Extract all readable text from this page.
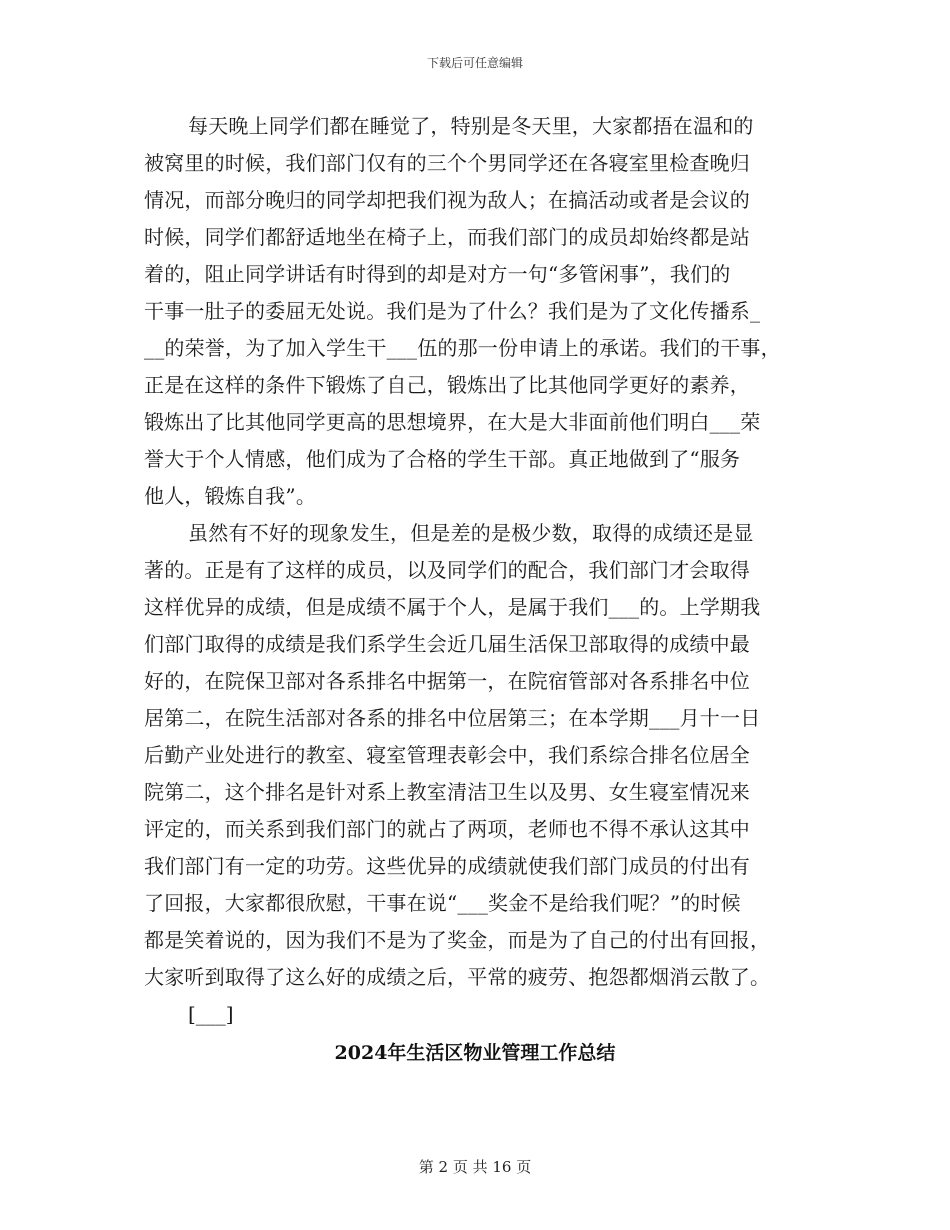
下载后可任意编辑
每天晚上同学们都在睡觉了，特别是冬天里，大家都捂在温和的
被窝里的时候，我们部门仅有的三个个男同学还在各寝室里检查晚归
情况，而部分晚归的同学却把我们视为敌人；在搞活动或者是会议的
时候，同学们都舒适地坐在椅子上，而我们部门的成员却始终都是站
着的，阻止同学讲话有时得到的却是对方一句“多管闲事”，我们的
干事一肚子的委屈无处说。我们是为了什么？我们是为了文化传播系_
__的荣誉，为了加入学生干___伍的那一份申请上的承诺。我们的干事，
正是在这样的条件下锻炼了自己，锻炼出了比其他同学更好的素养，
锻炼出了比其他同学更高的思想境界，在大是大非面前他们明白___荣
誉大于个人情感，他们成为了合格的学生干部。真正地做到了“服务
他人，锻炼自我”。
虽然有不好的现象发生，但是差的是极少数，取得的成绩还是显
著的。正是有了这样的成员，以及同学们的配合，我们部门才会取得
这样优异的成绩，但是成绩不属于个人，是属于我们___的。上学期我
们部门取得的成绩是我们系学生会近几届生活保卫部取得的成绩中最
好的，在院保卫部对各系排名中据第一，在院宿管部对各系排名中位
居第二，在院生活部对各系的排名中位居第三；在本学期___月十一日
后勤产业处进行的教室、寝室管理表彰会中，我们系综合排名位居全
院第二，这个排名是针对系上教室清洁卫生以及男、女生寝室情况来
评定的，而关系到我们部门的就占了两项，老师也不得不承认这其中
我们部门有一定的功劳。这些优异的成绩就使我们部门成员的付出有
了回报，大家都很欣慰，干事在说“___奖金不是给我们呢？”的时候
都是笑着说的，因为我们不是为了奖金，而是为了自己的付出有回报，
大家听到取得了这么好的成绩之后，平常的疲劳、抱怨都烟消云散了。
[___]
2024年生活区物业管理工作总结
第 2 页 共 16 页
